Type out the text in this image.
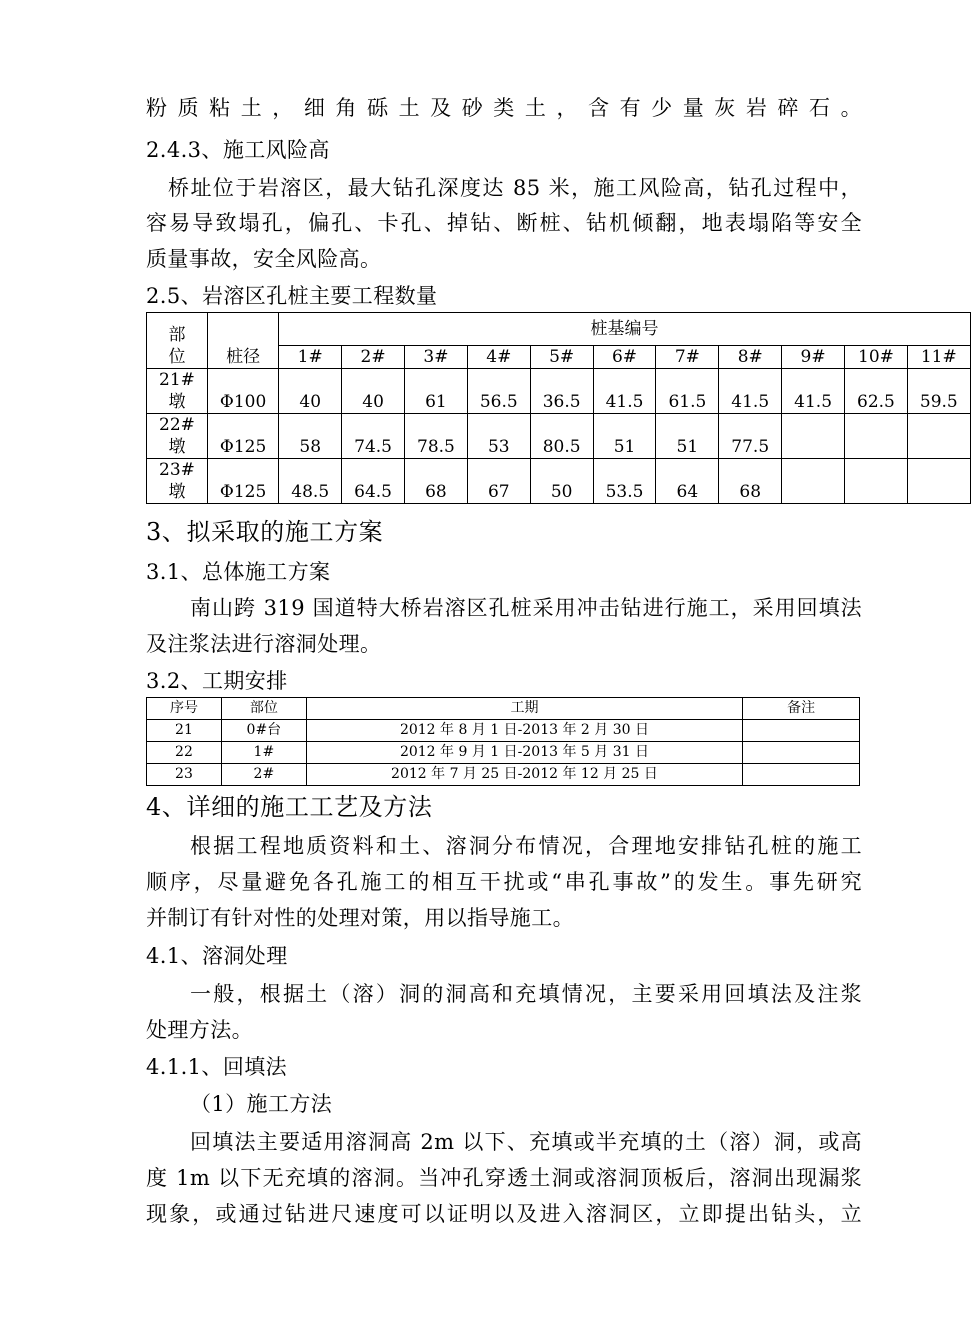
粉质粘土，细角砾土及砂类土，含有少量灰岩碎石。
2.4.3、施工风险高
桥址位于岩溶区，最大钻孔深度达 85 米，施工风险高，钻孔过程中，
容易导致塌孔，偏孔、卡孔、掉钻、断桩、钻机倾翻，地表塌陷等安全
质量事故，安全风险高。
2.5、岩溶区孔桩主要工程数量
部位	桩径	桩基编号										
		1#	2#	3#	4#	5#	6#	7#	8#	9#	10#	11#
21#墩	Φ100	40	40	61	56.5	36.5	41.5	61.5	41.5	41.5	62.5	59.5
22#墩	Φ125	58	74.5	78.5	53	80.5	51	51	77.5			
23#墩	Φ125	48.5	64.5	68	67	50	53.5	64	68			
3、拟采取的施工方案
3.1、总体施工方案
南山跨 319 国道特大桥岩溶区孔桩采用冲击钻进行施工，采用回填法
及注浆法进行溶洞处理。
3.2、工期安排
序号	部位	工期	备注
21	0#台	2012 年 8 月 1 日-2013 年 2 月 30 日	
22	1#	2012 年 9 月 1 日-2013 年 5 月 31 日	
23	2#	2012 年 7 月 25 日-2012 年 12 月 25 日	
4、详细的施工工艺及方法
根据工程地质资料和土、溶洞分布情况，合理地安排钻孔桩的施工
顺序，尽量避免各孔施工的相互干扰或“串孔事故”的发生。事先研究
并制订有针对性的处理对策，用以指导施工。
4.1、溶洞处理
一般，根据土（溶）洞的洞高和充填情况，主要采用回填法及注浆
处理方法。
4.1.1、回填法
（1）施工方法
回填法主要适用溶洞高 2m 以下、充填或半充填的土（溶）洞，或高
度 1m 以下无充填的溶洞。当冲孔穿透土洞或溶洞顶板后，溶洞出现漏浆
现象，或通过钻进尺速度可以证明以及进入溶洞区，立即提出钻头，立
